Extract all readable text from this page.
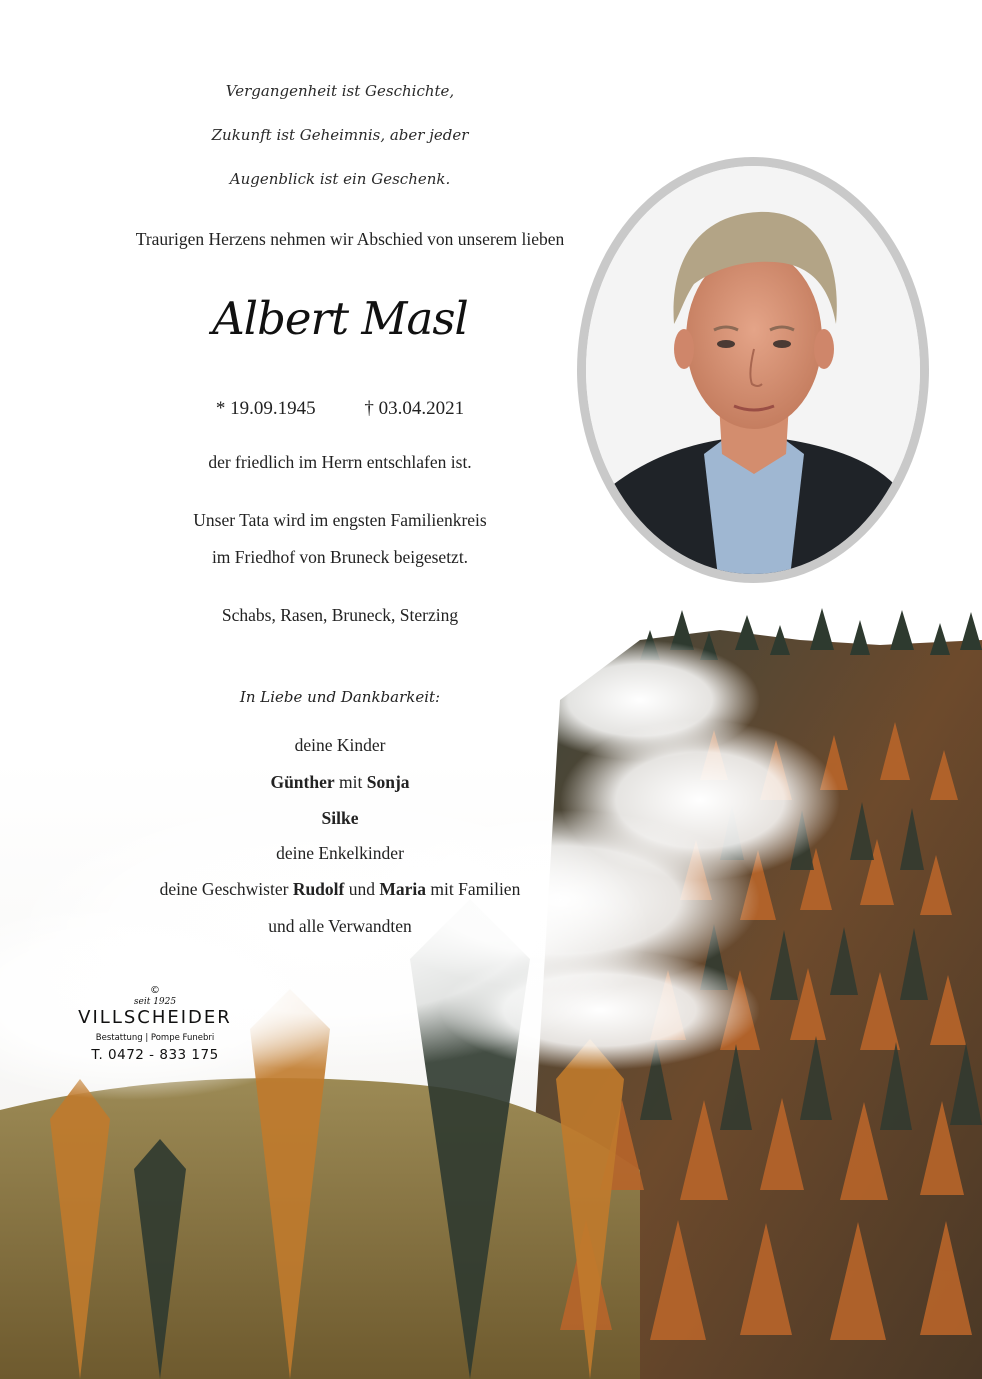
Vergangenheit ist Geschichte,
Zukunft ist Geheimnis, aber jeder
Augenblick ist ein Geschenk.
Traurigen Herzens nehmen wir Abschied von unserem lieben
Albert Masl
* 19.09.1945	† 03.04.2021
der friedlich im Herrn entschlafen ist.
Unser Tata wird im engsten Familienkreis
im Friedhof von Bruneck beigesetzt.
Schabs, Rasen, Bruneck, Sterzing
In Liebe und Dankbarkeit:
deine Kinder
Günther mit Sonja
Silke
deine Enkelkinder
deine Geschwister Rudolf und Maria mit Familien
und alle Verwandten
©
seit 1925
VILLSCHEIDER
Bestattung | Pompe Funebri
T. 0472 - 833 175
